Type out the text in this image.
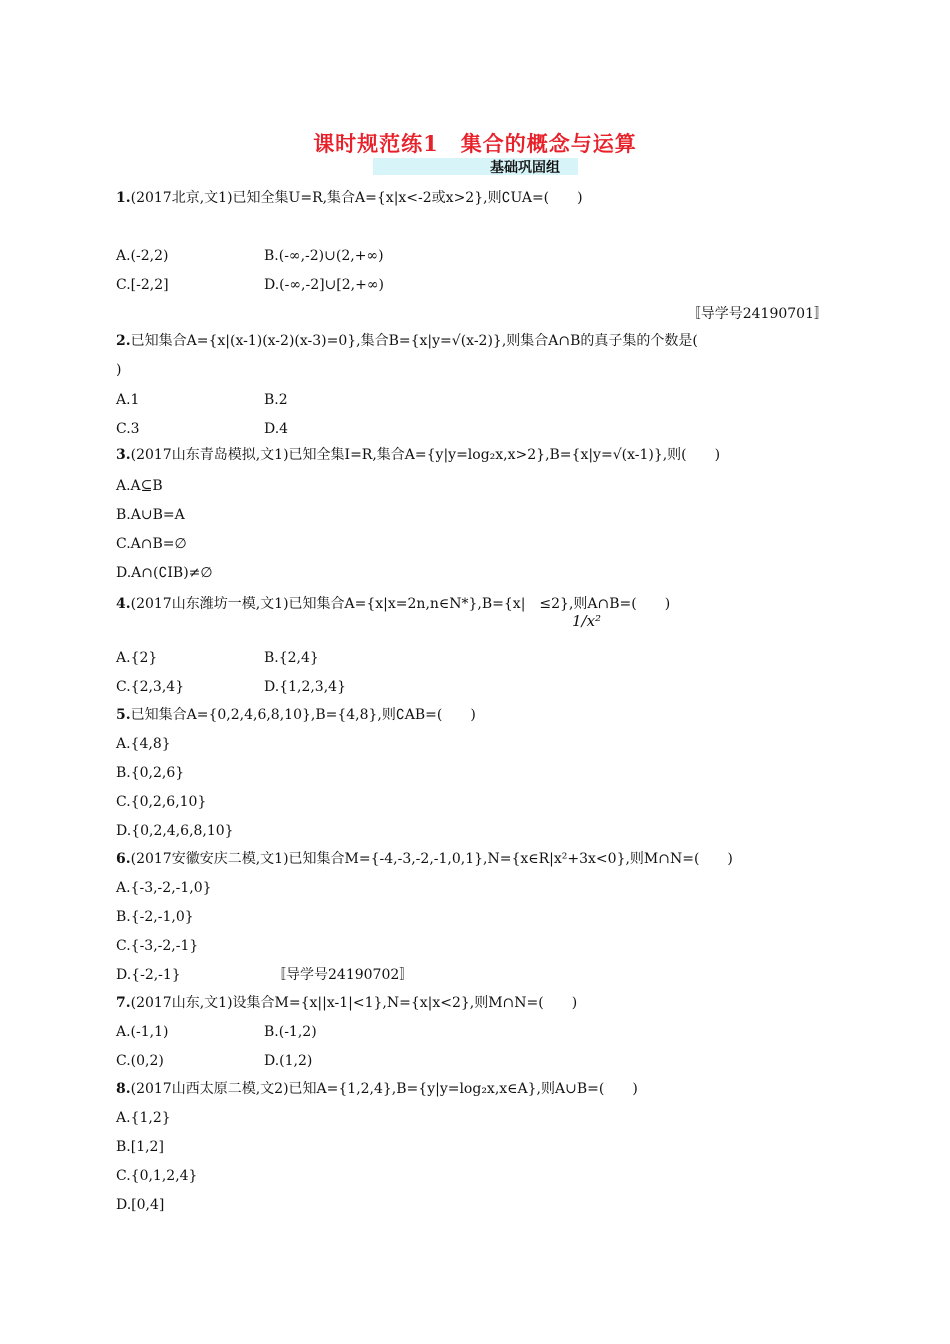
课时规范练1　集合的概念与运算
基础巩固组
1.(2017北京,文1)已知全集U=R,集合A={x|x<-2或x>2},则∁UA=(　　)
A.(-2,2)	B.(-∞,-2)∪(2,+∞)
C.[-2,2]	D.(-∞,-2]∪[2,+∞)
〚导学号24190701〛
2.已知集合A={x|(x-1)(x-2)(x-3)=0},集合B={x|y=√(x-2)},则集合A∩B的真子集的个数是(
)
A.1	B.2
C.3	D.4
3.(2017山东青岛模拟,文1)已知全集I=R,集合A={y|y=log₂x,x>2},B={x|y=√(x-1)},则(　　)
A.A⊆B
B.A∪B=A
C.A∩B=∅
D.A∩(∁IB)≠∅
4.(2017山东潍坊一模,文1)已知集合A={x|x=2n,n∈N*},B={x|　≤2},则A∩B=(　　)
1/x²
A.{2}	B.{2,4}
C.{2,3,4}	D.{1,2,3,4}
5.已知集合A={0,2,4,6,8,10},B={4,8},则∁AB=(　　)
A.{4,8}
B.{0,2,6}
C.{0,2,6,10}
D.{0,2,4,6,8,10}
6.(2017安徽安庆二模,文1)已知集合M={-4,-3,-2,-1,0,1},N={x∈R|x²+3x<0},则M∩N=(　　)
A.{-3,-2,-1,0}
B.{-2,-1,0}
C.{-3,-2,-1}
D.{-2,-1}	〚导学号24190702〛
7.(2017山东,文1)设集合M={x||x-1|<1},N={x|x<2},则M∩N=(　　)
A.(-1,1)	B.(-1,2)
C.(0,2)	D.(1,2)
8.(2017山西太原二模,文2)已知A={1,2,4},B={y|y=log₂x,x∈A},则A∪B=(　　)
A.{1,2}
B.[1,2]
C.{0,1,2,4}
D.[0,4]
